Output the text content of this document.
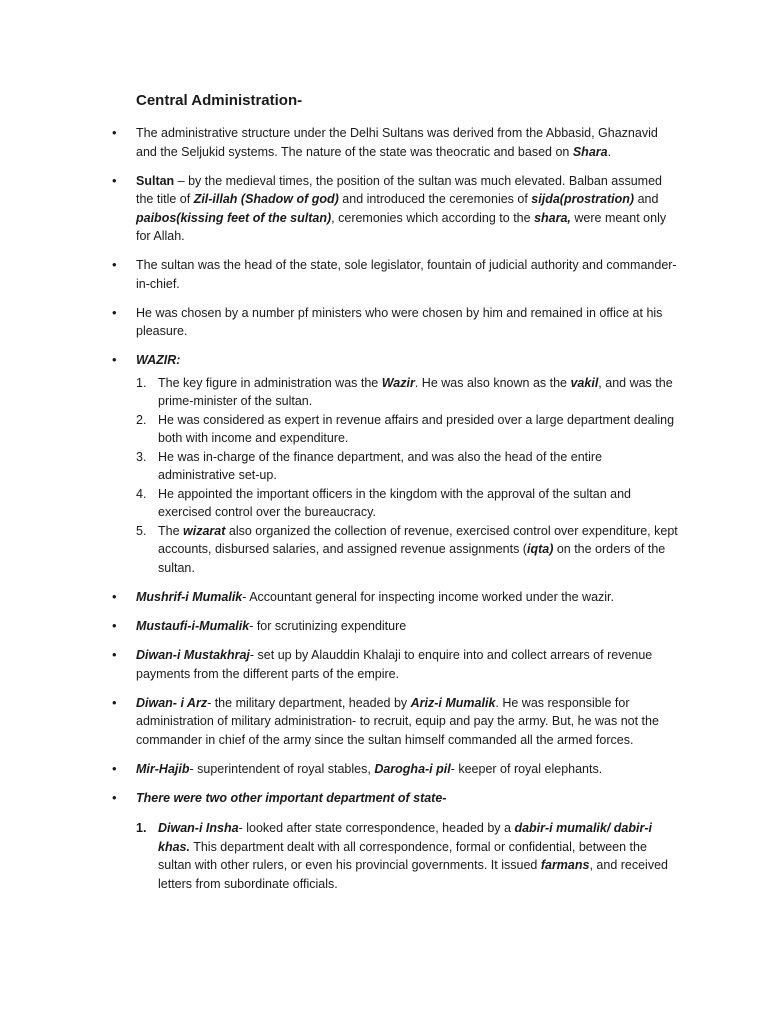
Central Administration-
• The administrative structure under the Delhi Sultans was derived from the Abbasid, Ghaznavid and the Seljukid systems. The nature of the state was theocratic and based on Shara.
• Sultan – by the medieval times, the position of the sultan was much elevated. Balban assumed the title of Zil-illah (Shadow of god) and introduced the ceremonies of sijda(prostration) and paibos(kissing feet of the sultan), ceremonies which according to the shara, were meant only for Allah.
• The sultan was the head of the state, sole legislator, fountain of judicial authority and commander-in-chief.
• He was chosen by a number pf ministers who were chosen by him and remained in office at his pleasure.
• WAZIR:
1. The key figure in administration was the Wazir. He was also known as the vakil, and was the prime-minister of the sultan.
2. He was considered as expert in revenue affairs and presided over a large department dealing both with income and expenditure.
3. He was in-charge of the finance department, and was also the head of the entire administrative set-up.
4. He appointed the important officers in the kingdom with the approval of the sultan and exercised control over the bureaucracy.
5. The wizarat also organized the collection of revenue, exercised control over expenditure, kept accounts, disbursed salaries, and assigned revenue assignments (iqta) on the orders of the sultan.
• Mushrif-i Mumalik- Accountant general for inspecting income worked under the wazir.
• Mustaufi-i-Mumalik- for scrutinizing expenditure
• Diwan-i Mustakhraj- set up by Alauddin Khalaji to enquire into and collect arrears of revenue payments from the different parts of the empire.
• Diwan- i Arz- the military department, headed by Ariz-i Mumalik. He was responsible for administration of military administration- to recruit, equip and pay the army. But, he was not the commander in chief of the army since the sultan himself commanded all the armed forces.
• Mir-Hajib- superintendent of royal stables, Darogha-i pil- keeper of royal elephants.
• There were two other important department of state-
1. Diwan-i Insha- looked after state correspondence, headed by a dabir-i mumalik/ dabir-i khas. This department dealt with all correspondence, formal or confidential, between the sultan with other rulers, or even his provincial governments. It issued farmans, and received letters from subordinate officials.
